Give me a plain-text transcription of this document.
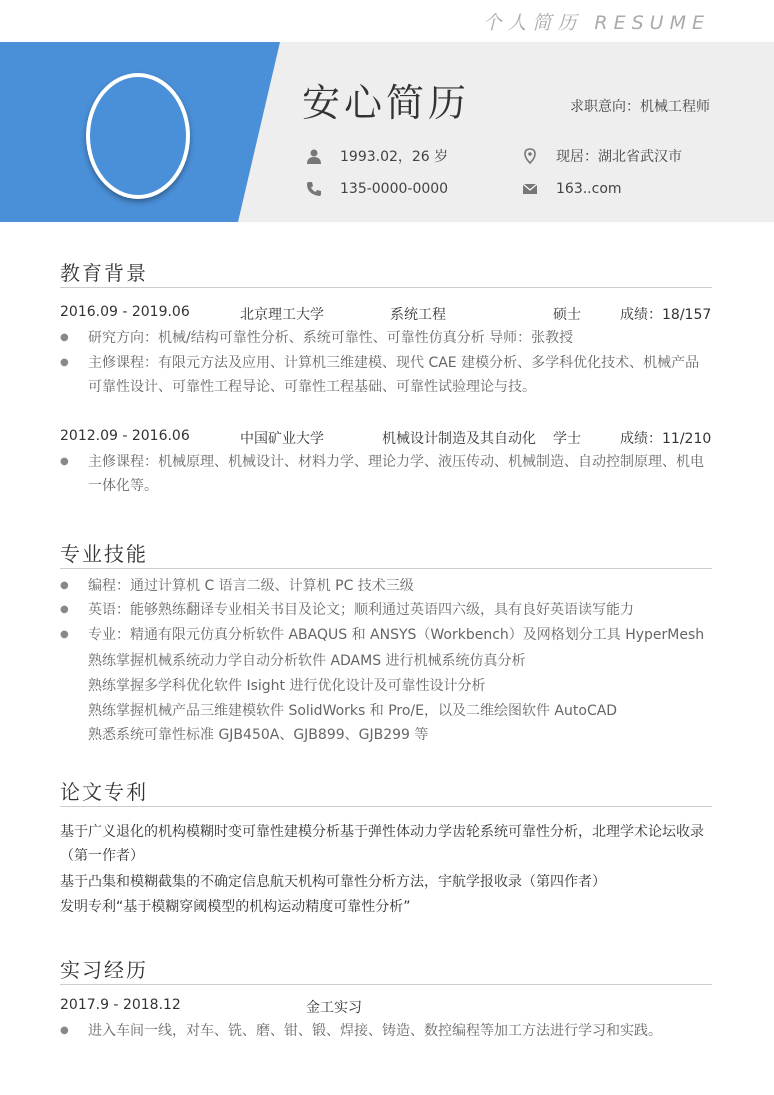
个人简历 RESUME
安心简历	求职意向：机械工程师
1993.02，26 岁
135-0000-0000
现居：湖北省武汉市
163..com
教育背景
2016.09 - 2019.06	北京理工大学	系统工程	硕士	成绩：18/157
● 研究方向：机械/结构可靠性分析、系统可靠性、可靠性仿真分析 导师：张教授
● 主修课程：有限元方法及应用、计算机三维建模、现代 CAE 建模分析、多学科优化技术、机械产品可靠性设计、可靠性工程导论、可靠性工程基础、可靠性试验理论与技。
2012.09 - 2016.06	中国矿业大学	机械设计制造及其自动化 学士	成绩：11/210
● 主修课程：机械原理、机械设计、材料力学、理论力学、液压传动、机械制造、自动控制原理、机电一体化等。
专业技能
● 编程：通过计算机 C 语言二级、计算机 PC 技术三级
● 英语：能够熟练翻译专业相关书目及论文；顺利通过英语四六级，具有良好英语读写能力
● 专业：精通有限元仿真分析软件 ABAQUS 和 ANSYS（Workbench）及网格划分工具 HyperMesh
熟练掌握机械系统动力学自动分析软件 ADAMS 进行机械系统仿真分析
熟练掌握多学科优化软件 Isight 进行优化设计及可靠性设计分析
熟练掌握机械产品三维建模软件 SolidWorks 和 Pro/E，以及二维绘图软件 AutoCAD
熟悉系统可靠性标准 GJB450A、GJB899、GJB299 等
论文专利
基于广义退化的机构模糊时变可靠性建模分析基于弹性体动力学齿轮系统可靠性分析，北理学术论坛收录（第一作者）
基于凸集和模糊截集的不确定信息航天机构可靠性分析方法，宇航学报收录（第四作者）
发明专利“基于模糊穿阈模型的机构运动精度可靠性分析”
实习经历
2017.9 - 2018.12	金工实习
● 进入车间一线，对车、铣、磨、钳、锻、焊接、铸造、数控编程等加工方法进行学习和实践。
